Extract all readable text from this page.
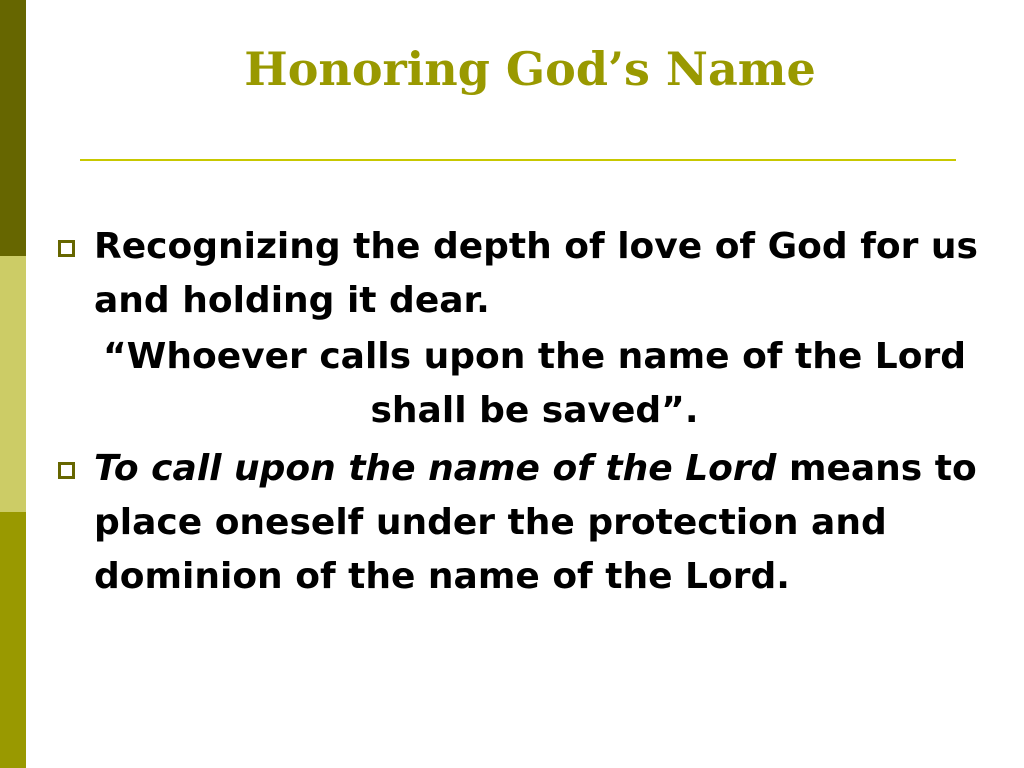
Honoring God’s Name
Recognizing the depth of love of God for us and holding it dear.
“Whoever calls upon the name of the Lord shall be saved”.
To call upon the name of the Lord means to place oneself under the protection and dominion of the name of the Lord.
